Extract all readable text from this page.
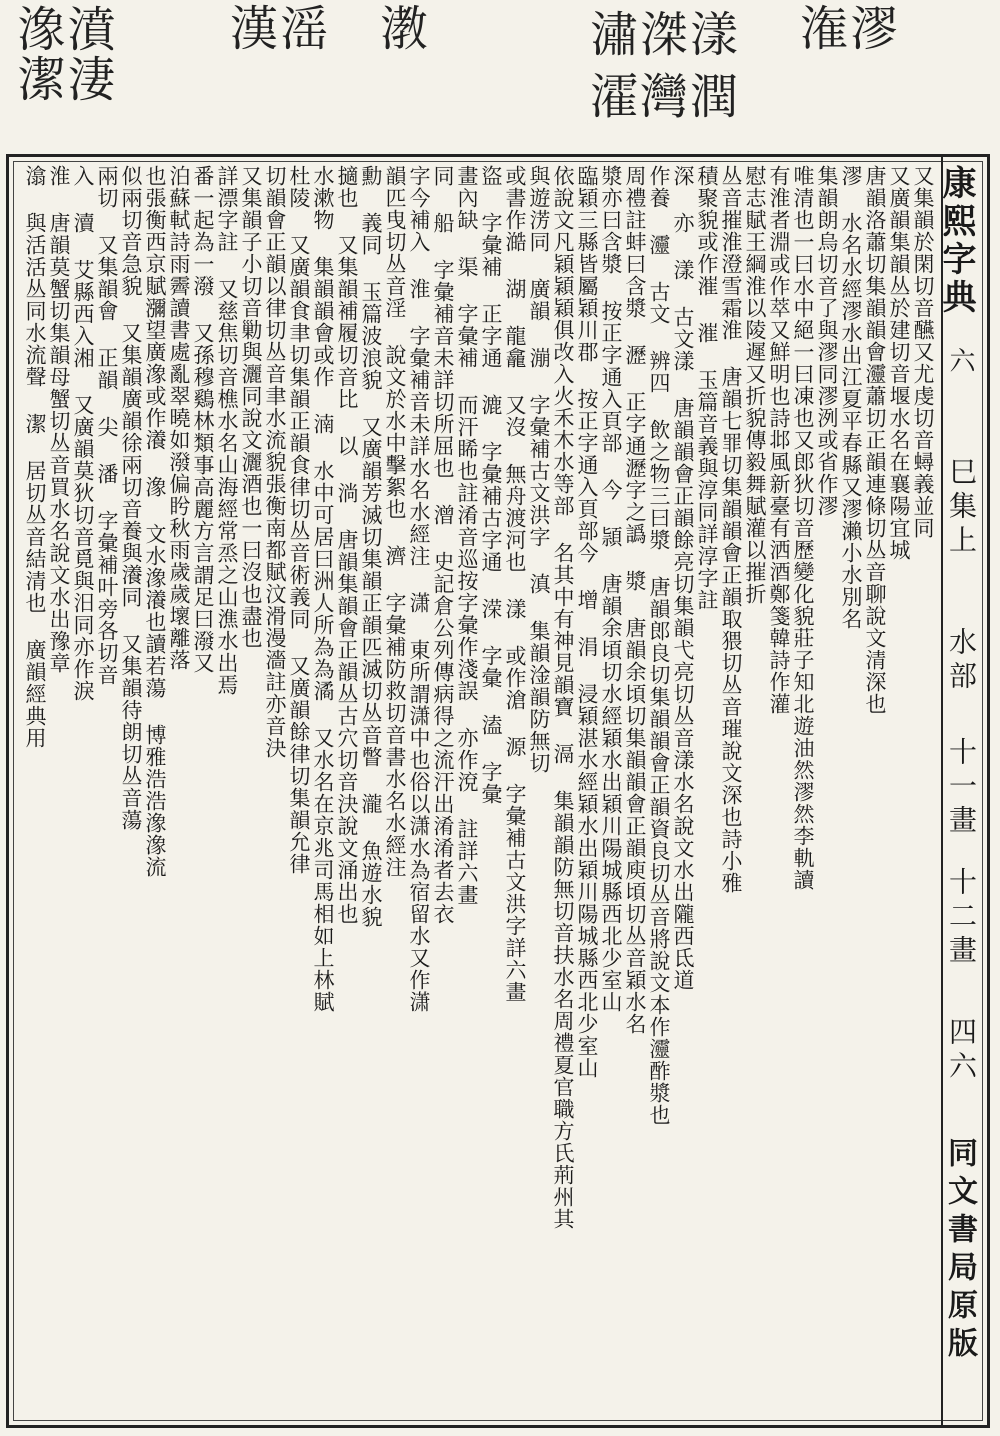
濆淒潒潔	漢滛 漖	潚滐漾 瀖灣潤
潅漻
康熙字典
六
巳集上
水部
十一畫
十二畫
四六
同文書局原版
又集韻於閑切音醼又尤虔切音蟳義並同
又廣韻集韻丛於建切音堰水名在襄陽宜城
唐韻洛蕭切集韻韻會𤅷蕭切正韻連條切丛音聊說文清深也
漻 水名水經漻水出江夏平春縣又漻瀨小水別名
集韻朗烏切音了與漻同漻洌或省作漻
唯清也一曰水中絕一曰凍也又郎狄切音歷變化貌莊子知北遊油然漻然李軌讀
有淮者淵或作萃又鮮明也詩邶風新臺有洒酒鄭箋韓詩作灌
慰志賦王綱淮以陵遲又折貌傳毅舞賦灌以摧折
丛音摧淮澄雪霜淮 唐韻七罪切集韻韻會正韻取猥切丛音璀說文深也詩小雅
積聚貌或作漼 漼 玉篇音義與淳同詳淳字註
深 亦 漾 古文漾 唐韻韻會正韻餘亮切集韻弋亮切丛音漾水名說文水出隴西氐道
作養 𤅷 古文 辨四 飲之物三曰漿 唐韻郎良切集韻韻會正韻資良切丛音將說文本作𤅷酢漿也
周禮註蚌曰含漿 瀝 正字通瀝字之譌 漿 唐韻余頃切集韻韻會正韻庾頃切丛音穎水名
漿亦曰含漿 按正字通入頁部 今 頴 唐韻余頃切水經穎水出穎川陽城縣西北少室山
臨穎三縣皆屬穎川郡 按正字通入頁部今 增 涓 浸穎湛水經穎水出穎川陽城縣西北少室山
依說文凡穎穎穎俱改入火禾木水等部 名其中有神見韻寶 滆 集韻韻防無切音扶水名周禮夏官職方氏荊州其
與遊淓同 廣韻 漰 字彙補古文洪字 滇 集韻淦韻防無切
或書作澔 湖 龍龕 又沒 無舟渡河也 漾 或作滄 源 字彙補古文洪字詳六畫
盜 字彙補 正字通 漉 字彙補古字通 溁 字彙 溘 字彙
畫內缺 渠 字彙補 而汗睎也註淆音巡按字彙作淺誤 亦作渷 註詳六畫
同 船 字彙補音未詳切所屈也 潧 史記倉公列傳病得之流汗出淆淆者去衣
字今補入 淮 字彙補音未詳水名水經注 潇 東所謂潇中也俗以潇水為宿留水又作潇
韻匹曳切丛音淫 說文於水中擊絮也 濟 字彙補防救切音書水名水經注
勳 義同 玉篇波浪貌 又廣韻芳滅切集韻正韻匹滅切丛音瞥 瀧 魚遊水貌
擿也 又集韻補履切音比 以 淌 唐韻集韻會正韻丛古穴切音決說文涌出也
水漱物 集韻韻會或作 湳 水中可居曰洲人所為為潏 又水名在京兆司馬相如上林賦
杜陵 又廣韻食聿切集韻正韻食律切丛音術義同 又廣韻餘律切集韻允律
切韻會正韻以律切丛音聿水流貌張衡南都賦汶滑漫濇註亦音決
又集韻子小切音勦與灑同說文灑酒也一曰沒也盡也
詳漂字註 又慈焦切音樵水名山海經常烝之山潐水出焉
番一起為一潑 又孫穆鷄林類事高麗方言謂足曰潑又
泊蘇軾詩雨霽讀書處亂翠曉如潑偏盻秋雨歲歲壞離落
也張衡西京賦瀰望廣潒或作瀁 潒 文水潒瀁也讀若蕩 博雅浩浩潒潒流
似兩切音急貌 又集韻廣韻徐兩切音養與瀁同 又集韻待朗切丛音蕩
兩切 又集韻會 正韻 尖 潘 字彙補叶旁各切音
入 瀆 艾縣西入湘 又廣韻莫狄切音覓與汨同亦作淚
淮 唐韻莫蟹切集韻母蟹切丛音買水名說文水出豫章
潝 與活活丛同水流聲 潔 居切丛音結清也 廣韻經典用
